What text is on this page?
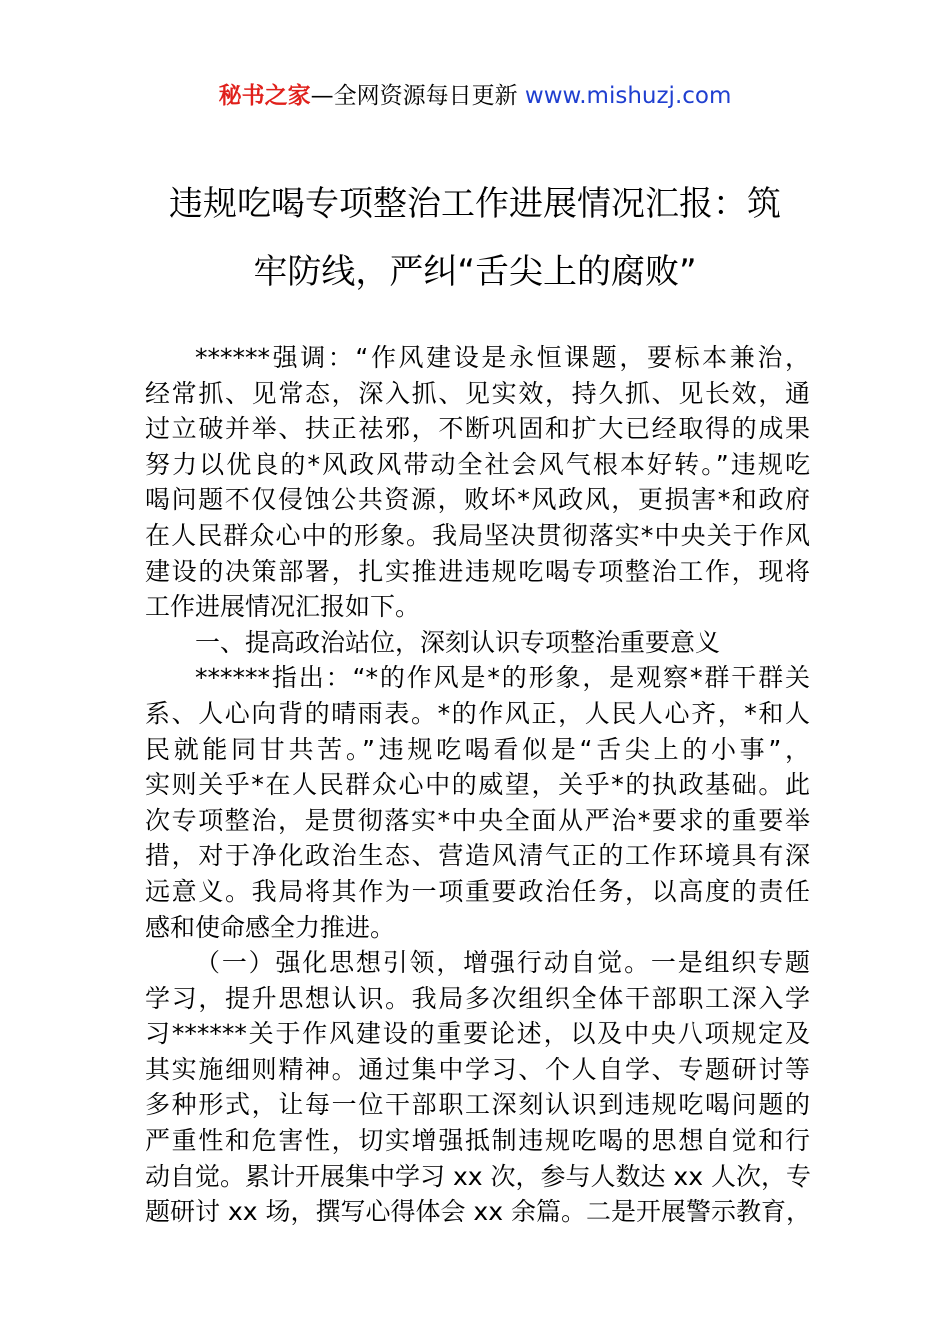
秘书之家—全网资源每日更新 www.mishuzj.com
违规吃喝专项整治工作进展情况汇报：筑
牢防线，严纠“舌尖上的腐败”
******强调：“作风建设是永恒课题，要标本兼治，
经常抓、见常态，深入抓、见实效，持久抓、见长效，通
过立破并举、扶正祛邪，不断巩固和扩大已经取得的成果
努力以优良的*风政风带动全社会风气根本好转。”违规吃
喝问题不仅侵蚀公共资源，败坏*风政风，更损害*和政府
在人民群众心中的形象。我局坚决贯彻落实*中央关于作风
建设的决策部署，扎实推进违规吃喝专项整治工作，现将
工作进展情况汇报如下。
一、提高政治站位，深刻认识专项整治重要意义
******指出：“*的作风是*的形象，是观察*群干群关
系、人心向背的晴雨表。*的作风正，人民人心齐，*和人
民就能同甘共苦。”违规吃喝看似是“舌尖上的小事”，
实则关乎*在人民群众心中的威望，关乎*的执政基础。此
次专项整治，是贯彻落实*中央全面从严治*要求的重要举
措，对于净化政治生态、营造风清气正的工作环境具有深
远意义。我局将其作为一项重要政治任务，以高度的责任
感和使命感全力推进。
（一）强化思想引领，增强行动自觉。一是组织专题
学习，提升思想认识。我局多次组织全体干部职工深入学
习******关于作风建设的重要论述，以及中央八项规定及
其实施细则精神。通过集中学习、个人自学、专题研讨等
多种形式，让每一位干部职工深刻认识到违规吃喝问题的
严重性和危害性，切实增强抵制违规吃喝的思想自觉和行
动自觉。累计开展集中学习 xx 次，参与人数达 xx 人次，专
题研讨 xx 场，撰写心得体会 xx 余篇。二是开展警示教育，
